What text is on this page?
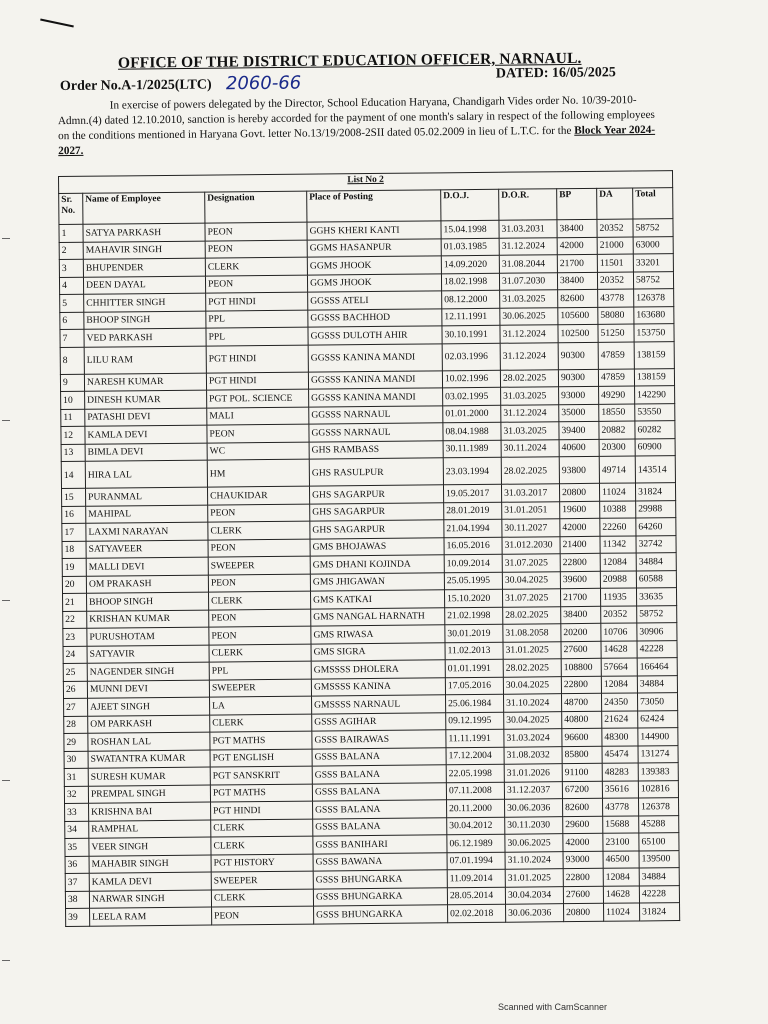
OFFICE OF THE DISTRICT EDUCATION OFFICER, NARNAUL.
Order No.A-1/2025(LTC) 2060-66	DATED: 16/05/2025
In exercise of powers delegated by the Director, School Education Haryana, Chandigarh Vides order No. 10/39-2010-Admn.(4) dated 12.10.2010, sanction is hereby accorded for the payment of one month's salary in respect of the following employees on the conditions mentioned in Haryana Govt. letter No.13/19/2008-2SII dated 05.02.2009 in lieu of L.T.C. for the Block Year 2024-2027.
List No 2								
Sr. No.	Name of Employee	Designation	Place of Posting	D.O.J.	D.O.R.	BP	DA	Total
1	SATYA PARKASH	PEON	GGHS KHERI KANTI	15.04.1998	31.03.2031	38400	20352	58752
2	MAHAVIR SINGH	PEON	GGMS HASANPUR	01.03.1985	31.12.2024	42000	21000	63000
3	BHUPENDER	CLERK	GGMS JHOOK	14.09.2020	31.08.2044	21700	11501	33201
4	DEEN DAYAL	PEON	GGMS JHOOK	18.02.1998	31.07.2030	38400	20352	58752
5	CHHITTER SINGH	PGT HINDI	GGSSS ATELI	08.12.2000	31.03.2025	82600	43778	126378
6	BHOOP SINGH	PPL	GGSSS BACHHOD	12.11.1991	30.06.2025	105600	58080	163680
7	VED PARKASH	PPL	GGSSS DULOTH AHIR	30.10.1991	31.12.2024	102500	51250	153750
8	LILU RAM	PGT HINDI	GGSSS KANINA MANDI	02.03.1996	31.12.2024	90300	47859	138159
9	NARESH KUMAR	PGT HINDI	GGSSS KANINA MANDI	10.02.1996	28.02.2025	90300	47859	138159
10	DINESH KUMAR	PGT POL. SCIENCE	GGSSS KANINA MANDI	03.02.1995	31.03.2025	93000	49290	142290
11	PATASHI DEVI	MALI	GGSSS NARNAUL	01.01.2000	31.12.2024	35000	18550	53550
12	KAMLA DEVI	PEON	GGSSS NARNAUL	08.04.1988	31.03.2025	39400	20882	60282
13	BIMLA DEVI	WC	GHS RAMBASS	30.11.1989	30.11.2024	40600	20300	60900
14	HIRA LAL	HM	GHS RASULPUR	23.03.1994	28.02.2025	93800	49714	143514
15	PURANMAL	CHAUKIDAR	GHS SAGARPUR	19.05.2017	31.03.2017	20800	11024	31824
16	MAHIPAL	PEON	GHS SAGARPUR	28.01.2019	31.01.2051	19600	10388	29988
17	LAXMI NARAYAN	CLERK	GHS SAGARPUR	21.04.1994	30.11.2027	42000	22260	64260
18	SATYAVEER	PEON	GMS BHOJAWAS	16.05.2016	31.012.2030	21400	11342	32742
19	MALLI DEVI	SWEEPER	GMS DHANI KOJINDA	10.09.2014	31.07.2025	22800	12084	34884
20	OM PRAKASH	PEON	GMS JHIGAWAN	25.05.1995	30.04.2025	39600	20988	60588
21	BHOOP SINGH	CLERK	GMS KATKAI	15.10.2020	31.07.2025	21700	11935	33635
22	KRISHAN KUMAR	PEON	GMS NANGAL HARNATH	21.02.1998	28.02.2025	38400	20352	58752
23	PURUSHOTAM	PEON	GMS RIWASA	30.01.2019	31.08.2058	20200	10706	30906
24	SATYAVIR	CLERK	GMS SIGRA	11.02.2013	31.01.2025	27600	14628	42228
25	NAGENDER SINGH	PPL	GMSSSS DHOLERA	01.01.1991	28.02.2025	108800	57664	166464
26	MUNNI DEVI	SWEEPER	GMSSSS KANINA	17.05.2016	30.04.2025	22800	12084	34884
27	AJEET SINGH	LA	GMSSSS NARNAUL	25.06.1984	31.10.2024	48700	24350	73050
28	OM PARKASH	CLERK	GSSS AGIHAR	09.12.1995	30.04.2025	40800	21624	62424
29	ROSHAN LAL	PGT MATHS	GSSS BAIRAWAS	11.11.1991	31.03.2024	96600	48300	144900
30	SWATANTRA KUMAR	PGT ENGLISH	GSSS BALANA	17.12.2004	31.08.2032	85800	45474	131274
31	SURESH KUMAR	PGT SANSKRIT	GSSS BALANA	22.05.1998	31.01.2026	91100	48283	139383
32	PREMPAL SINGH	PGT MATHS	GSSS BALANA	07.11.2008	31.12.2037	67200	35616	102816
33	KRISHNA BAI	PGT HINDI	GSSS BALANA	20.11.2000	30.06.2036	82600	43778	126378
34	RAMPHAL	CLERK	GSSS BALANA	30.04.2012	30.11.2030	29600	15688	45288
35	VEER SINGH	CLERK	GSSS BANIHARI	06.12.1989	30.06.2025	42000	23100	65100
36	MAHABIR SINGH	PGT HISTORY	GSSS BAWANA	07.01.1994	31.10.2024	93000	46500	139500
37	KAMLA DEVI	SWEEPER	GSSS BHUNGARKA	11.09.2014	31.01.2025	22800	12084	34884
38	NARWAR SINGH	CLERK	GSSS BHUNGARKA	28.05.2014	30.04.2034	27600	14628	42228
39	LEELA RAM	PEON	GSSS BHUNGARKA	02.02.2018	30.06.2036	20800	11024	31824
Scanned with CamScanner
